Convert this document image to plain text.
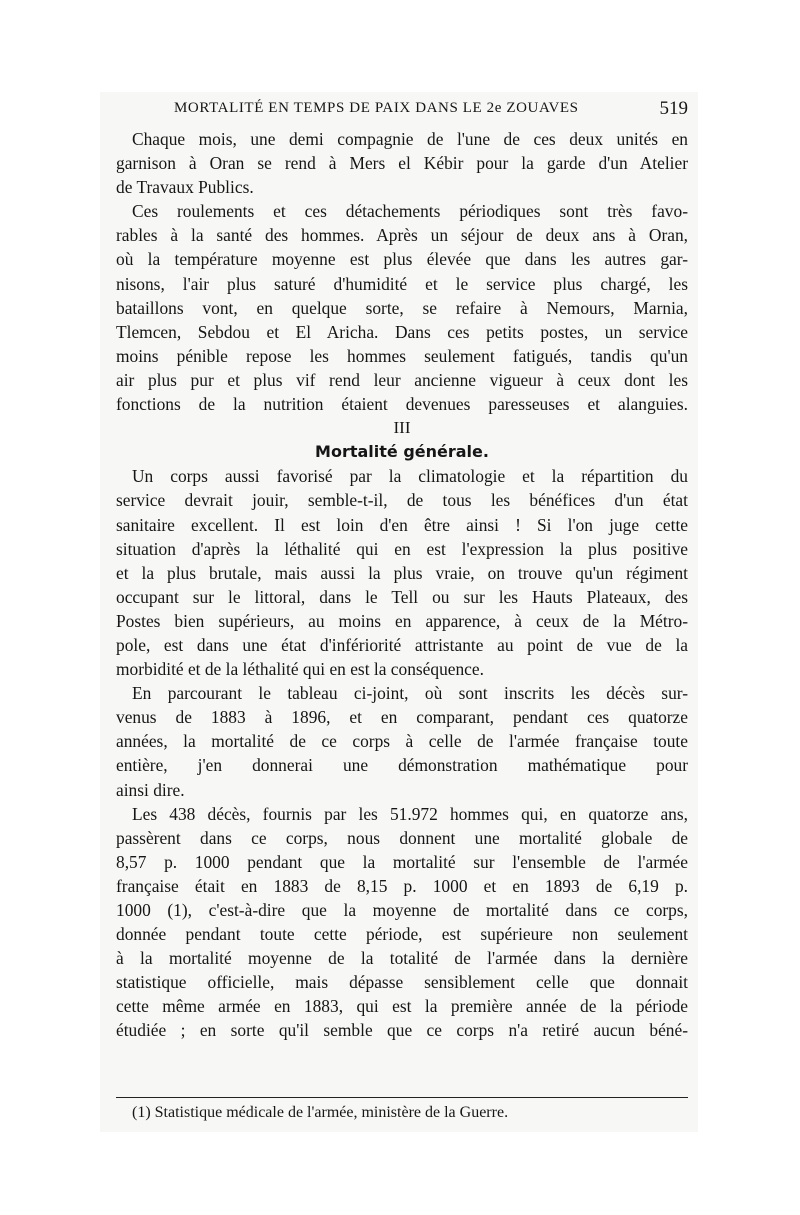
MORTALITÉ EN TEMPS DE PAIX DANS LE 2e ZOUAVES	519
Chaque mois, une demi compagnie de l'une de ces deux unités en
garnison à Oran se rend à Mers el Kébir pour la garde d'un Atelier
de Travaux Publics.
Ces roulements et ces détachements périodiques sont très favo-
rables à la santé des hommes. Après un séjour de deux ans à Oran,
où la température moyenne est plus élevée que dans les autres gar-
nisons, l'air plus saturé d'humidité et le service plus chargé, les
bataillons vont, en quelque sorte, se refaire à Nemours, Marnia,
Tlemcen, Sebdou et El Aricha. Dans ces petits postes, un service
moins pénible repose les hommes seulement fatigués, tandis qu'un
air plus pur et plus vif rend leur ancienne vigueur à ceux dont les
fonctions de la nutrition étaient devenues paresseuses et alanguies.
III
Mortalité générale.
Un corps aussi favorisé par la climatologie et la répartition du
service devrait jouir, semble-t-il, de tous les bénéfices d'un état
sanitaire excellent. Il est loin d'en être ainsi ! Si l'on juge cette
situation d'après la léthalité qui en est l'expression la plus positive
et la plus brutale, mais aussi la plus vraie, on trouve qu'un régiment
occupant sur le littoral, dans le Tell ou sur les Hauts Plateaux, des
Postes bien supérieurs, au moins en apparence, à ceux de la Métro-
pole, est dans une état d'infériorité attristante au point de vue de la
morbidité et de la léthalité qui en est la conséquence.
En parcourant le tableau ci-joint, où sont inscrits les décès sur-
venus de 1883 à 1896, et en comparant, pendant ces quatorze
années, la mortalité de ce corps à celle de l'armée française toute
entière, j'en donnerai une démonstration mathématique pour
ainsi dire.
Les 438 décès, fournis par les 51.972 hommes qui, en quatorze ans,
passèrent dans ce corps, nous donnent une mortalité globale de
8,57 p. 1000 pendant que la mortalité sur l'ensemble de l'armée
française était en 1883 de 8,15 p. 1000 et en 1893 de 6,19 p.
1000 (1), c'est-à-dire que la moyenne de mortalité dans ce corps,
donnée pendant toute cette période, est supérieure non seulement
à la mortalité moyenne de la totalité de l'armée dans la dernière
statistique officielle, mais dépasse sensiblement celle que donnait
cette même armée en 1883, qui est la première année de la période
étudiée ; en sorte qu'il semble que ce corps n'a retiré aucun béné-
(1) Statistique médicale de l'armée, ministère de la Guerre.
